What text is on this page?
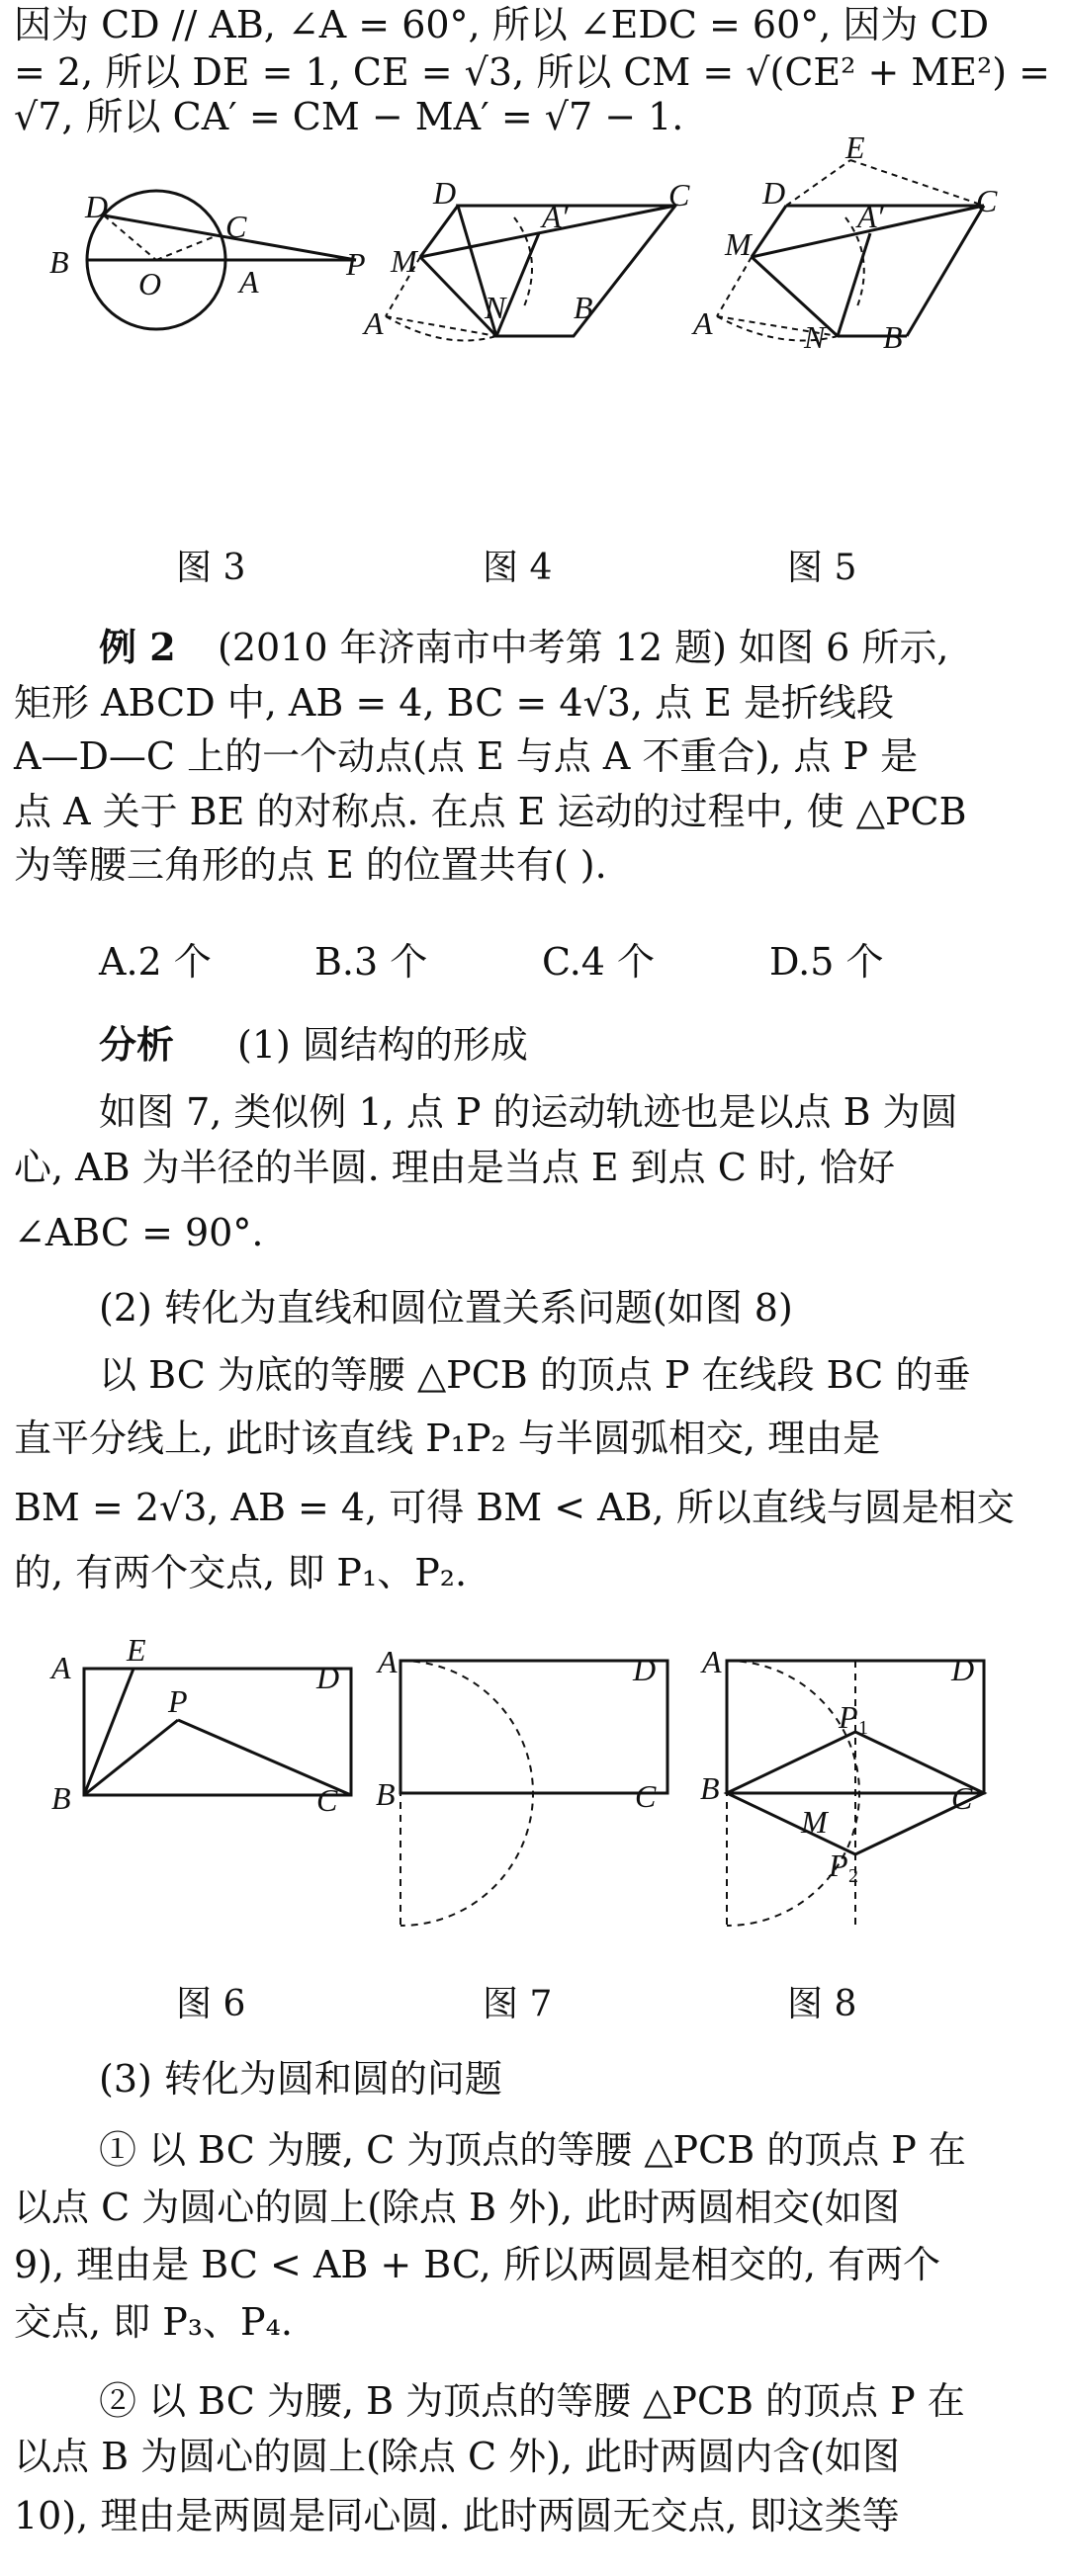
因为 CD // AB, ∠A = 60°, 所以 ∠EDC = 60°, 因为 CD
= 2, 所以 DE = 1, CE = √3, 所以 CM = √(CE² + ME²) =
√7, 所以 CA′ = CM − MA′ = √7 − 1.
D
C
B
O A	P
D
A′
C
M
A	N B
E
D
A′	C
M
A	N B
图 3	图 4	图 5
例 2 (2010 年济南市中考第 12 题) 如图 6 所示,
矩形 ABCD 中, AB = 4, BC = 4√3, 点 E 是折线段
A—D—C 上的一个动点(点 E 与点 A 不重合), 点 P 是
点 A 关于 BE 的对称点. 在点 E 运动的过程中, 使 △PCB
为等腰三角形的点 E 的位置共有( ).
A.2 个	B.3 个	C.4 个	D.5 个
分析 (1) 圆结构的形成
如图 7, 类似例 1, 点 P 的运动轨迹也是以点 B 为圆
心, AB 为半径的半圆. 理由是当点 E 到点 C 时, 恰好
∠ABC = 90°.
(2) 转化为直线和圆位置关系问题(如图 8)
以 BC 为底的等腰 △PCB 的顶点 P 在线段 BC 的垂
直平分线上, 此时该直线 P₁P₂ 与半圆弧相交, 理由是
BM = 2√3, AB = 4, 可得 BM < AB, 所以直线与圆是相交
的, 有两个交点, 即 P₁、P₂.
A E
P
D
B	C
A	D
B	C
A	D
P 1
B
M
C
P 2
图 6	图 7	图 8
(3) 转化为圆和圆的问题
① 以 BC 为腰, C 为顶点的等腰 △PCB 的顶点 P 在
以点 C 为圆心的圆上(除点 B 外), 此时两圆相交(如图
9), 理由是 BC < AB + BC, 所以两圆是相交的, 有两个
交点, 即 P₃、P₄.
② 以 BC 为腰, B 为顶点的等腰 △PCB 的顶点 P 在
以点 B 为圆心的圆上(除点 C 外), 此时两圆内含(如图
10), 理由是两圆是同心圆. 此时两圆无交点, 即这类等
